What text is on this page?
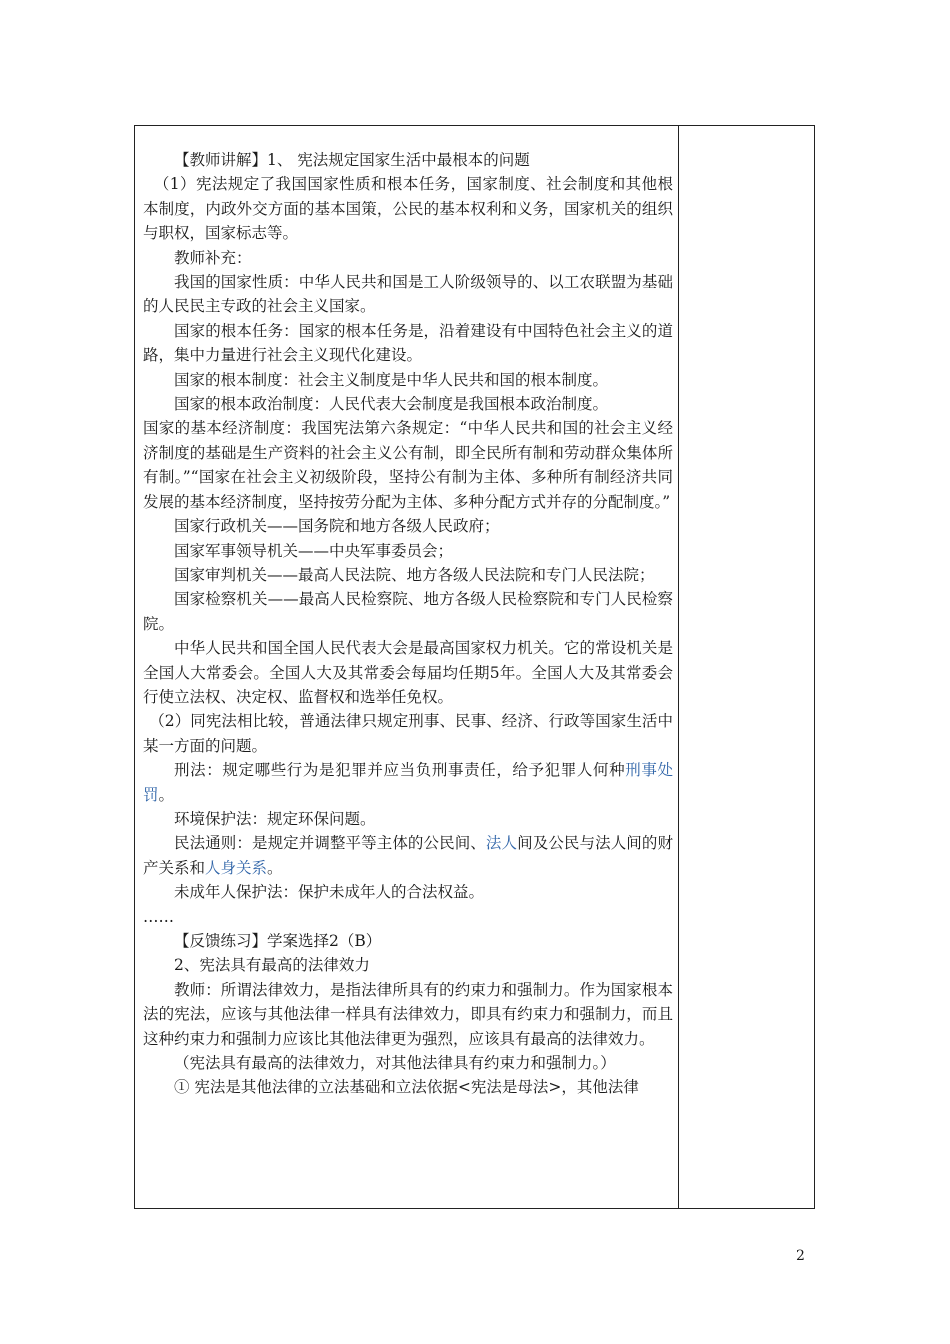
【教师讲解】1、 宪法规定国家生活中最根本的问题

（1）宪法规定了我国国家性质和根本任务，国家制度、社会制度和其他根本制度，内政外交方面的基本国策，公民的基本权利和义务，国家机关的组织与职权，国家标志等。

教师补充：

我国的国家性质：中华人民共和国是工人阶级领导的、以工农联盟为基础的人民民主专政的社会主义国家。

国家的根本任务：国家的根本任务是，沿着建设有中国特色社会主义的道路，集中力量进行社会主义现代化建设。

国家的根本制度：社会主义制度是中华人民共和国的根本制度。

国家的根本政治制度：人民代表大会制度是我国根本政治制度。

国家的基本经济制度：我国宪法第六条规定：“中华人民共和国的社会主义经济制度的基础是生产资料的社会主义公有制，即全民所有制和劳动群众集体所有制。”“国家在社会主义初级阶段，坚持公有制为主体、多种所有制经济共同发展的基本经济制度，坚持按劳分配为主体、多种分配方式并存的分配制度。”

国家行政机关——国务院和地方各级人民政府；

国家军事领导机关——中央军事委员会；

国家审判机关——最高人民法院、地方各级人民法院和专门人民法院；

国家检察机关——最高人民检察院、地方各级人民检察院和专门人民检察院。

中华人民共和国全国人民代表大会是最高国家权力机关。它的常设机关是全国人大常委会。全国人大及其常委会每届均任期5年。全国人大及其常委会行使立法权、决定权、监督权和选举任免权。

（2）同宪法相比较，普通法律只规定刑事、民事、经济、行政等国家生活中某一方面的问题。

刑法：规定哪些行为是犯罪并应当负刑事责任，给予犯罪人何种刑事处罚。

环境保护法：规定环保问题。

民法通则：是规定并调整平等主体的公民间、法人间及公民与法人间的财产关系和人身关系。

未成年人保护法：保护未成年人的合法权益。

……

【反馈练习】学案选择2（B）

2、宪法具有最高的法律效力

教师：所谓法律效力，是指法律所具有的约束力和强制力。作为国家根本法的宪法，应该与其他法律一样具有法律效力，即具有约束力和强制力，而且这种约束力和强制力应该比其他法律更为强烈，应该具有最高的法律效力。

（宪法具有最高的法律效力，对其他法律具有约束力和强制力。）

① 宪法是其他法律的立法基础和立法依据<宪法是母法>，其他法律

2
